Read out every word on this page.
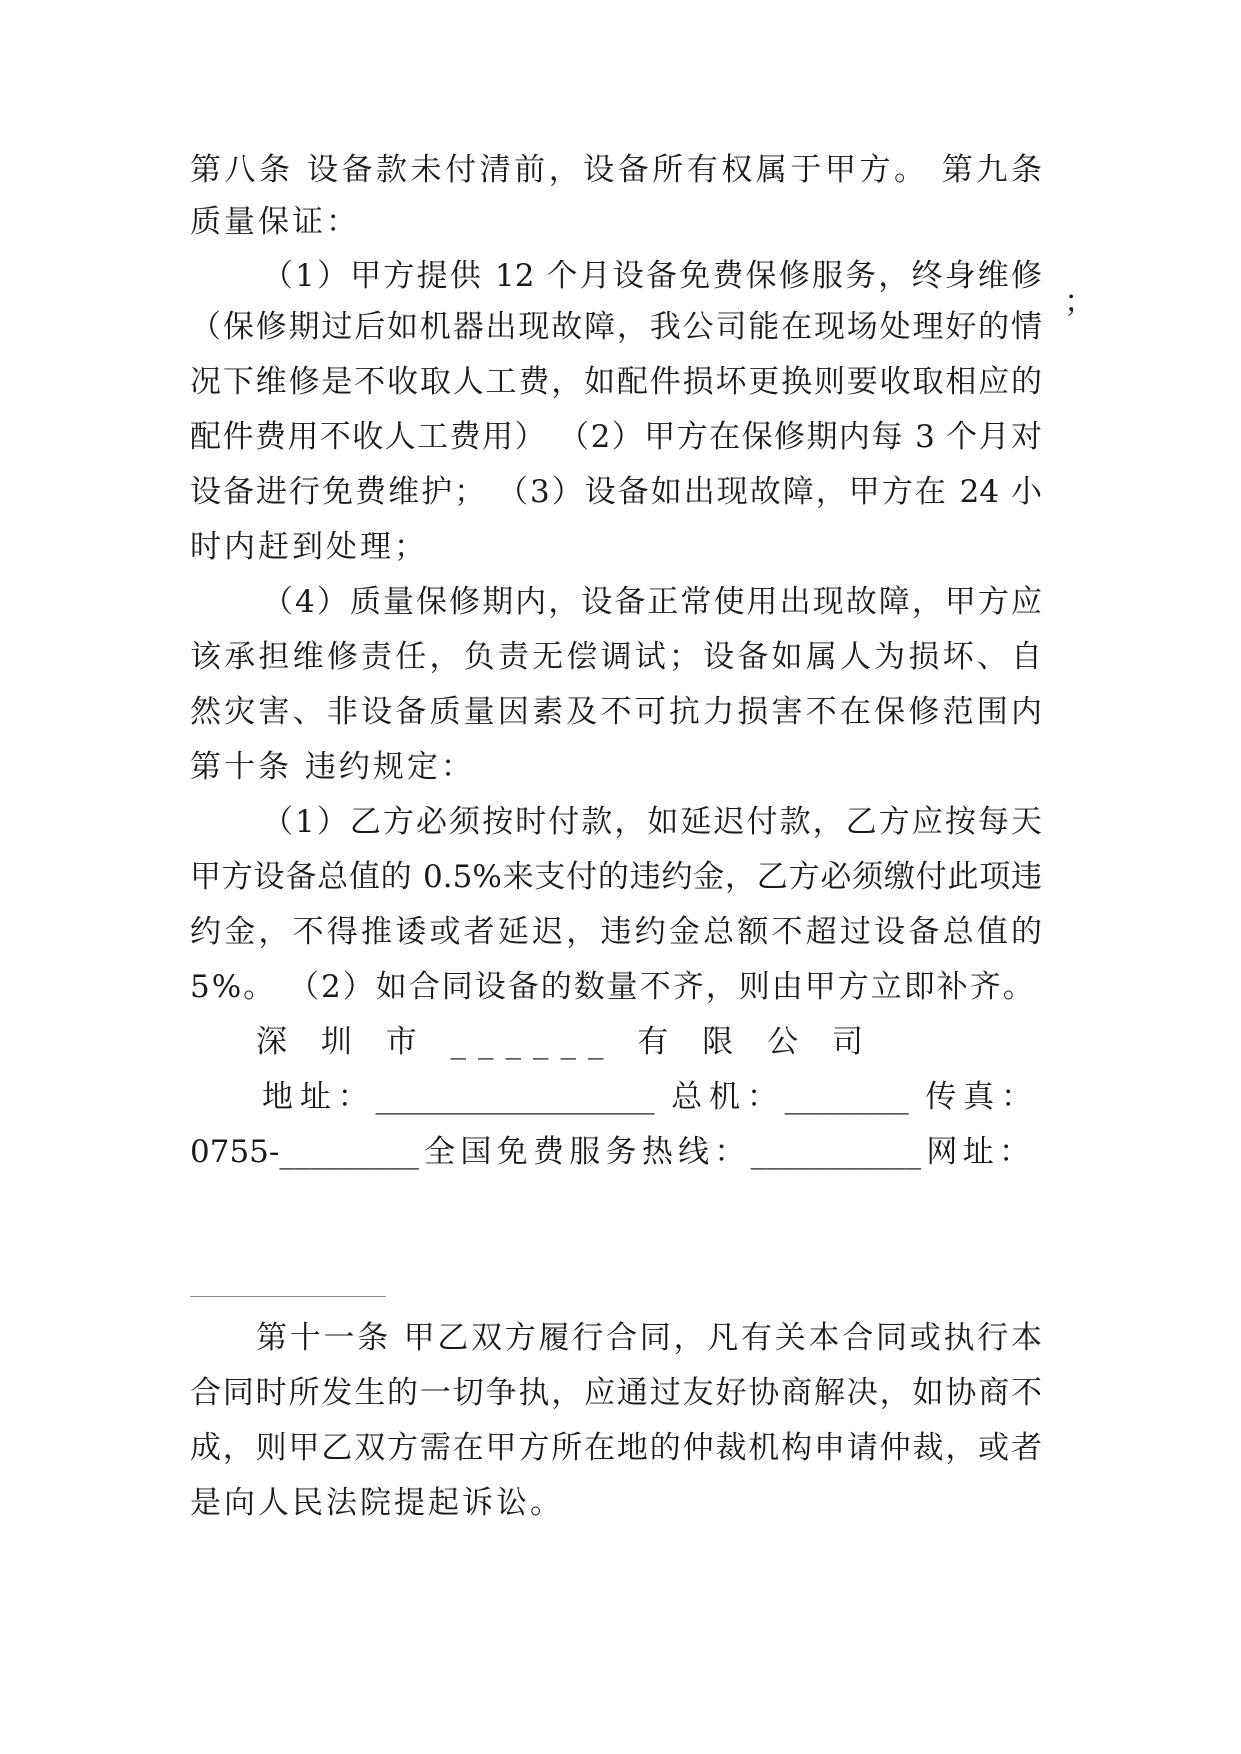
第八条 设备款未付清前，设备所有权属于甲方。 第九条
质量保证：
（1）甲方提供 12 个月设备免费保修服务，终身维修
；
（保修期过后如机器出现故障，我公司能在现场处理好的情
况下维修是不收取人工费，如配件损坏更换则要收取相应的
配件费用不收人工费用） （2）甲方在保修期内每 3 个月对
设备进行免费维护； （3）设备如出现故障，甲方在 24 小
时内赶到处理；
（4）质量保修期内，设备正常使用出现故障，甲方应
该承担维修责任，负责无偿调试；设备如属人为损坏、自
然灾害、非设备质量因素及不可抗力损害不在保修范围内
第十条 违约规定：
（1）乙方必须按时付款，如延迟付款，乙方应按每天
甲方设备总值的 0.5%来支付的违约金，乙方必须缴付此项违
约金，不得推诿或者延迟，违约金总额不超过设备总值的
5%。 （2）如合同设备的数量不齐，则由甲方立即补齐。
深 圳 市 ______ 有 限 公 司
地址：__________________ 总机：________ 传真：
0755-_________全国免费服务热线：___________网址：
第十一条 甲乙双方履行合同，凡有关本合同或执行本
合同时所发生的一切争执，应通过友好协商解决，如协商不
成，则甲乙双方需在甲方所在地的仲裁机构申请仲裁，或者
是向人民法院提起诉讼。
